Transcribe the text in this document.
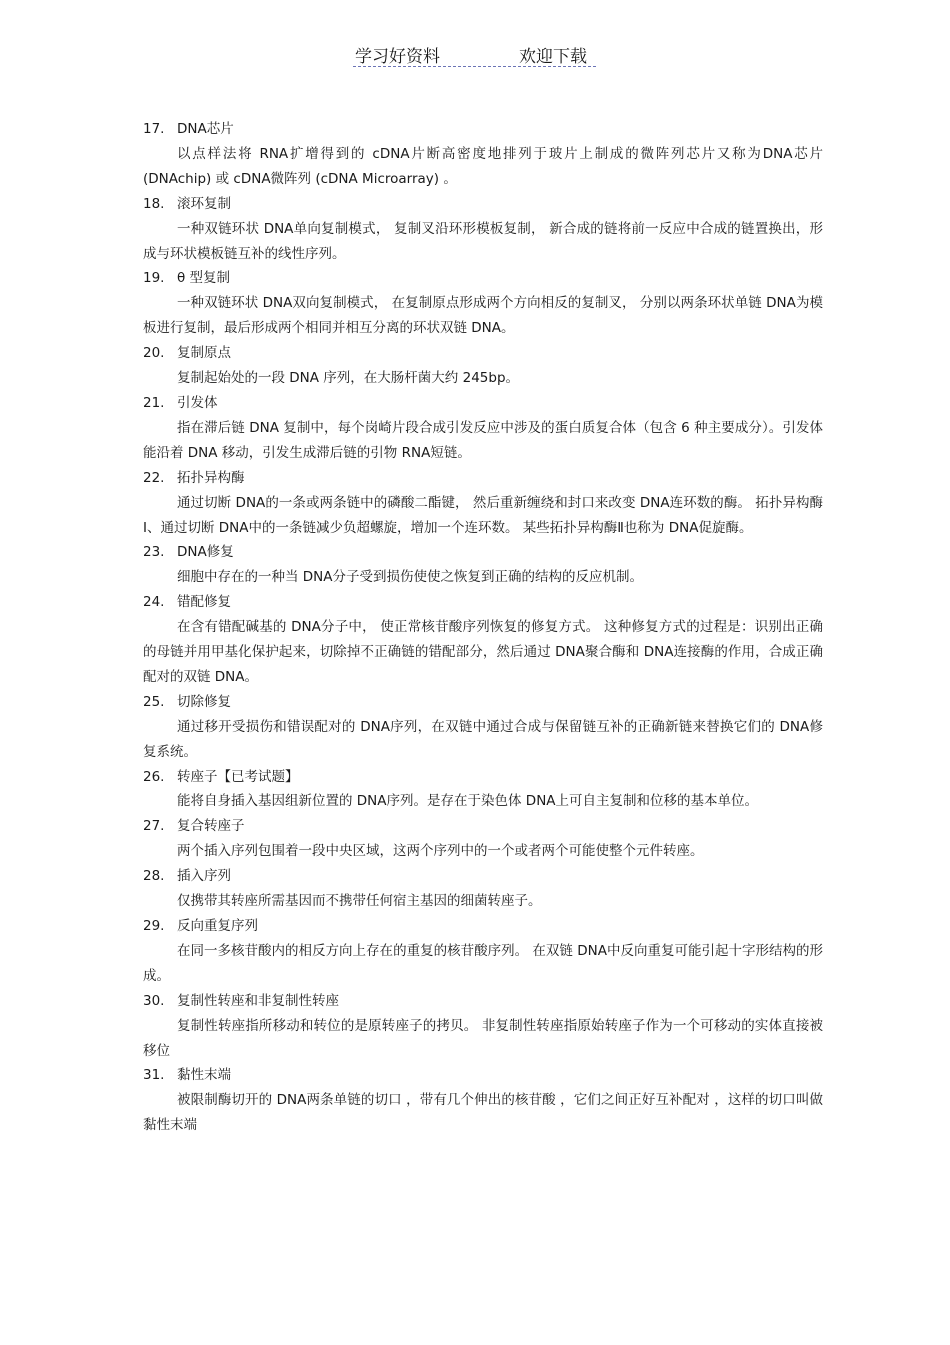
学习好资料	欢迎下载
17. DNA芯片

以点样法将 RNA扩增得到的 cDNA片断高密度地排列于玻片上制成的微阵列芯片又称为DNA芯片 (DNAchip) 或 cDNA微阵列 (cDNA Microarray) 。

18. 滚环复制

一种双链环状 DNA单向复制模式， 复制叉沿环形模板复制， 新合成的链将前一反应中合成的链置换出，形成与环状模板链互补的线性序列。

19. θ 型复制

一种双链环状 DNA双向复制模式， 在复制原点形成两个方向相反的复制叉， 分别以两条环状单链 DNA为模板进行复制，最后形成两个相同并相互分离的环状双链 DNA。

20. 复制原点

复制起始处的一段 DNA 序列，在大肠杆菌大约 245bp。

21. 引发体

指在滞后链 DNA 复制中，每个岗崎片段合成引发反应中涉及的蛋白质复合体（包含 6 种主要成分）。引发体能沿着 DNA 移动，引发生成滞后链的引物 RNA短链。

22. 拓扑异构酶

通过切断 DNA的一条或两条链中的磷酸二酯键， 然后重新缠绕和封口来改变 DNA连环数的酶。 拓扑异构酶Ⅰ、通过切断 DNA中的一条链减少负超螺旋，增加一个连环数。 某些拓扑异构酶Ⅱ也称为 DNA促旋酶。

23. DNA修复

细胞中存在的一种当 DNA分子受到损伤使使之恢复到正确的结构的反应机制。

24. 错配修复

在含有错配碱基的 DNA分子中， 使正常核苷酸序列恢复的修复方式。 这种修复方式的过程是：识别出正确的母链并用甲基化保护起来，切除掉不正确链的错配部分，然后通过 DNA聚合酶和 DNA连接酶的作用，合成正确配对的双链 DNA。

25. 切除修复

通过移开受损伤和错误配对的 DNA序列，在双链中通过合成与保留链互补的正确新链来替换它们的 DNA修复系统。

26. 转座子【已考试题】

能将自身插入基因组新位置的 DNA序列。是存在于染色体 DNA上可自主复制和位移的基本单位。

27. 复合转座子

两个插入序列包围着一段中央区域，这两个序列中的一个或者两个可能使整个元件转座。

28. 插入序列

仅携带其转座所需基因而不携带任何宿主基因的细菌转座子。

29. 反向重复序列

在同一多核苷酸内的相反方向上存在的重复的核苷酸序列。 在双链 DNA中反向重复可能引起十字形结构的形成。

30. 复制性转座和非复制性转座

复制性转座指所移动和转位的是原转座子的拷贝。 非复制性转座指原始转座子作为一个可移动的实体直接被移位

31. 黏性末端

被限制酶切开的 DNA两条单链的切口 ，带有几个伸出的核苷酸 ，它们之间正好互补配对 ，这样的切口叫做黏性末端
